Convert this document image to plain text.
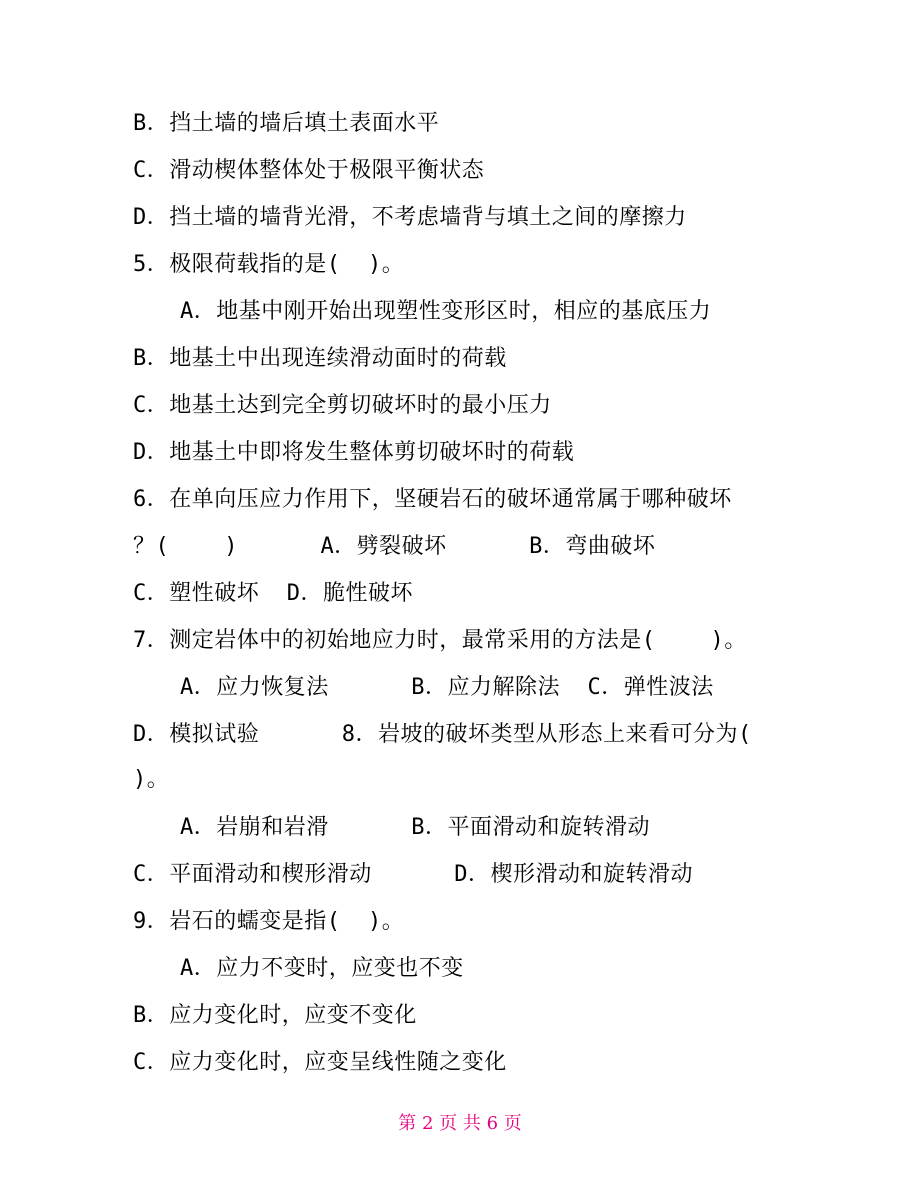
B．挡土墙的墙后填土表面水平
C．滑动楔体整体处于极限平衡状态
D．挡土墙的墙背光滑，不考虑墙背与填土之间的摩擦力
5．极限荷载指的是(  )。
A．地基中刚开始出现塑性变形区时，相应的基底压力
B．地基土中出现连续滑动面时的荷载
C．地基土达到完全剪切破坏时的最小压力
D．地基土中即将发生整体剪切破坏时的荷载
6．在单向压应力作用下，坚硬岩石的破坏通常属于哪种破坏
？(    )      A．劈裂破坏      B．弯曲破坏
C．塑性破坏  D．脆性破坏
7．测定岩体中的初始地应力时，最常采用的方法是(    )。
A．应力恢复法      B．应力解除法  C．弹性波法
D．模拟试验      8．岩坡的破坏类型从形态上来看可分为(
)。
A．岩崩和岩滑      B．平面滑动和旋转滑动
C．平面滑动和楔形滑动      D．楔形滑动和旋转滑动
9．岩石的蠕变是指(  )。
A．应力不变时，应变也不变
B．应力变化时，应变不变化
C．应力变化时，应变呈线性随之变化
第 2 页 共 6 页
